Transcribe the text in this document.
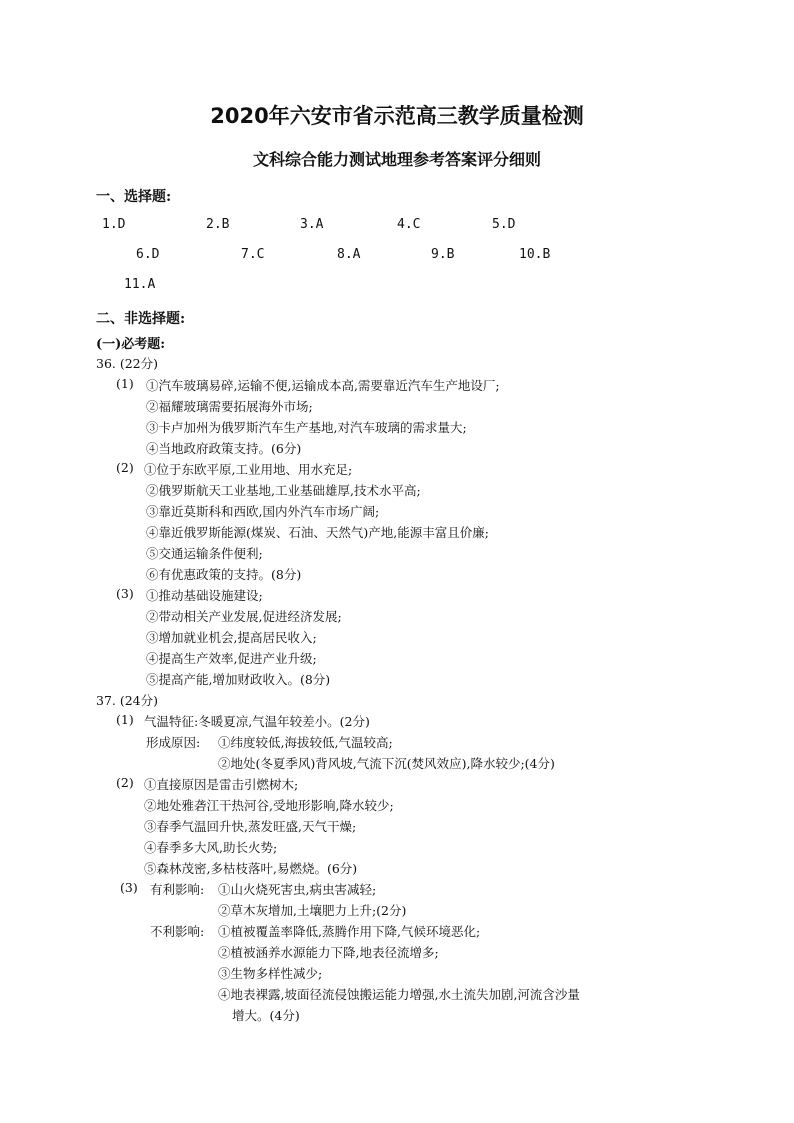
2020年六安市省示范高三教学质量检测
文科综合能力测试地理参考答案评分细则
一、选择题:
1.D	2.B	3.A	4.C	5.D
6.D	7.C	8.A	9.B	10.B
11.A
二、非选择题:
(一)必考题:
36. (22分)
(1) ①汽车玻璃易碎,运输不便,运输成本高,需要靠近汽车生产地设厂;
②福耀玻璃需要拓展海外市场;
③卡卢加州为俄罗斯汽车生产基地,对汽车玻璃的需求量大;
④当地政府政策支持。(6分)
(2) ①位于东欧平原,工业用地、用水充足;
②俄罗斯航天工业基地,工业基础雄厚,技术水平高;
③靠近莫斯科和西欧,国内外汽车市场广阔;
④靠近俄罗斯能源(煤炭、石油、天然气)产地,能源丰富且价廉;
⑤交通运输条件便利;
⑥有优惠政策的支持。(8分)
(3) ①推动基础设施建设;
②带动相关产业发展,促进经济发展;
③增加就业机会,提高居民收入;
④提高生产效率,促进产业升级;
⑤提高产能,增加财政收入。(8分)
37. (24分)
(1) 气温特征:冬暖夏凉,气温年较差小。(2分)
形成原因: ①纬度较低,海拔较低,气温较高;
②地处(冬夏季风)背风坡,气流下沉(焚风效应),降水较少;(4分)
(2) ①直接原因是雷击引燃树木;
②地处雅砻江干热河谷,受地形影响,降水较少;
③春季气温回升快,蒸发旺盛,天气干燥;
④春季多大风,助长火势;
⑤森林茂密,多枯枝落叶,易燃烧。(6分)
(3) 有利影响: ①山火烧死害虫,病虫害减轻;
②草木灰增加,土壤肥力上升;(2分)
不利影响: ①植被覆盖率降低,蒸腾作用下降,气候环境恶化;
②植被涵养水源能力下降,地表径流增多;
③生物多样性减少;
④地表裸露,坡面径流侵蚀搬运能力增强,水土流失加剧,河流含沙量
增大。(4分)
